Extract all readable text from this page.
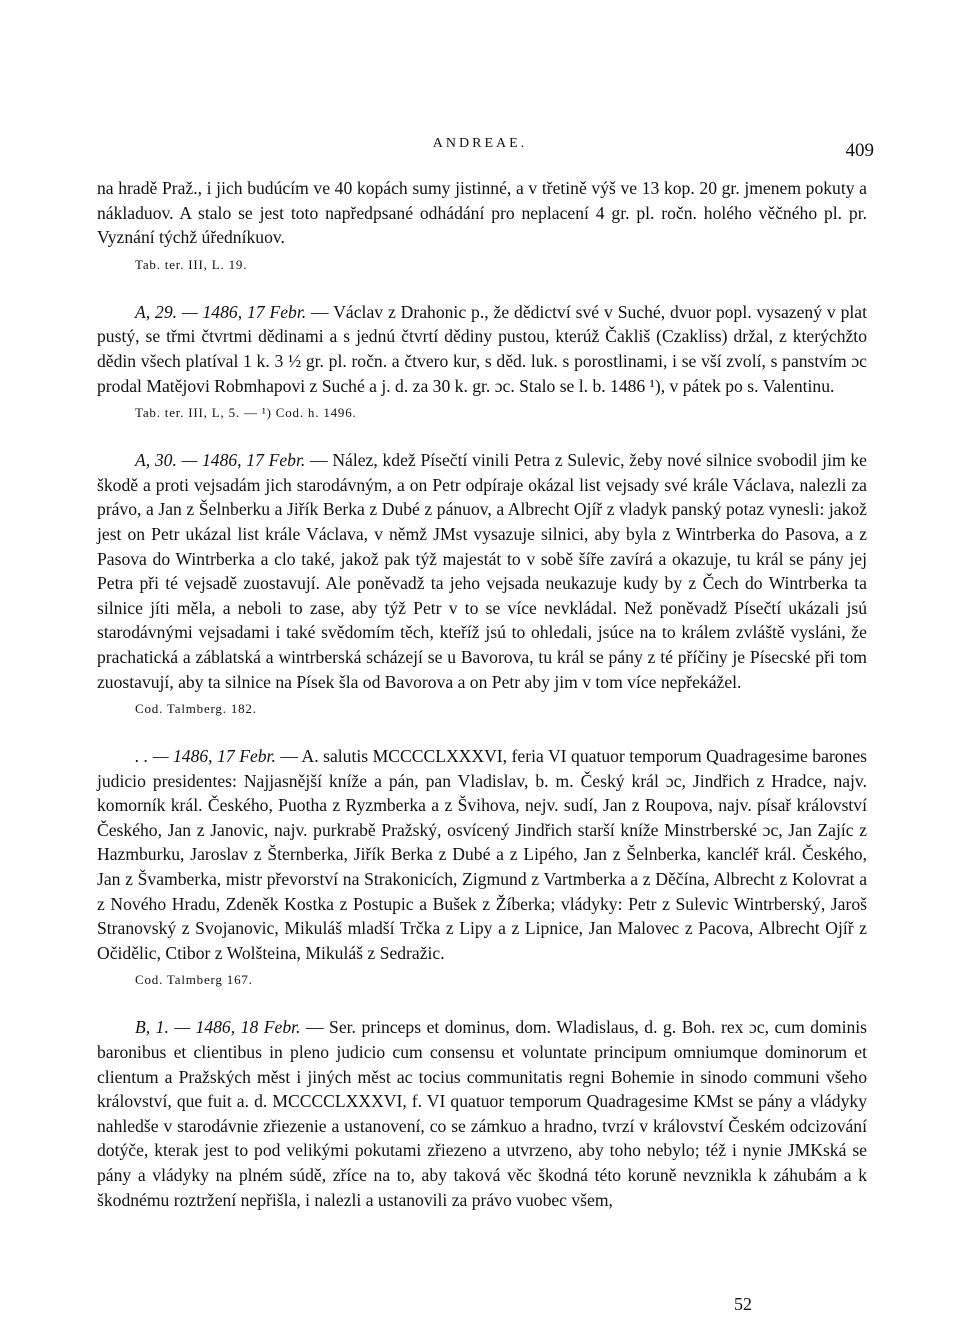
ANDREAE.	409

na hradě Praž., i jich budúcím ve 40 kopách sumy jistinné, a v třetině výš ve 13 kop. 20 gr. jmenem pokuty a nákladuov. A stalo se jest toto napředpsané odhádání pro neplacení 4 gr. pl. ročn. holého věčného pl. pr. Vyznání týchž úředníkuov.

Tab. ter. III, L. 19.

A, 29. — 1486, 17 Febr. — Václav z Drahonic p., že dědictví své v Suché, dvuor popl. vysazený v plat pustý, se třmi čtvrtmi dědinami a s jednú čtvrtí dědiny pustou, kterúž Čakliš (Czakliss) držal, z kterýchžto dědin všech platíval 1 k. 3 ½ gr. pl. ročn. a čtvero kur, s děd. luk. s porostlinami, i se vší zvolí, s panstvím ɔc prodal Matějovi Robmhapovi z Suché a j. d. za 30 k. gr. ɔc. Stalo se l. b. 1486 ¹), v pátek po s. Valentinu.

Tab. ter. III, L, 5. — ¹) Cod. h. 1496.

A, 30. — 1486, 17 Febr. — Nález, kdež Písečtí vinili Petra z Sulevic, žeby nové silnice svobodil jim ke škodě a proti vejsadám jich starodávným, a on Petr odpíraje okázal list vejsady své krále Václava, nalezli za právo, a Jan z Šelnberku a Jiřík Berka z Dubé z pánuov, a Albrecht Ojíř z vladyk panský potaz vynesli: jakož jest on Petr ukázal list krále Václava, v němž JMst vysazuje silnici, aby byla z Wintrberka do Pasova, a z Pasova do Wintrberka a clo také, jakož pak týž majestát to v sobě šíře zavírá a okazuje, tu král se pány jej Petra při té vejsadě zuostavují. Ale poněvadž ta jeho vejsada neukazuje kudy by z Čech do Wintrberka ta silnice jíti měla, a neboli to zase, aby týž Petr v to se více nevkládal. Než poněvadž Písečtí ukázali jsú starodávnými vejsadami i také svědomím těch, kteříž jsú to ohledali, jsúce na to králem zvláště vysláni, že prachatická a záblatská a wintrberská scházejí se u Bavorova, tu král se pány z té příčiny je Písecské při tom zuostavují, aby ta silnice na Písek šla od Bavorova a on Petr aby jim v tom více nepřekážel.

Cod. Talmberg. 182.

. . — 1486, 17 Febr. — A. salutis MCCCCLXXXVI, feria VI quatuor temporum Quadragesime barones judicio presidentes: Najjasnější kníže a pán, pan Vladislav, b. m. Český král ɔc, Jindřich z Hradce, najv. komorník král. Českého, Puotha z Ryzmberka a z Švihova, nejv. sudí, Jan z Roupova, najv. písař království Českého, Jan z Janovic, najv. purkrabě Pražský, osvícený Jindřich starší kníže Minstrberské ɔc, Jan Zajíc z Hazmburku, Jaroslav z Šternberka, Jiřík Berka z Dubé a z Lipého, Jan z Šelnberka, kancléř král. Českého, Jan z Švamberka, mistr převorství na Strakonicích, Zigmund z Vartmberka a z Děčína, Albrecht z Kolovrat a z Nového Hradu, Zdeněk Kostka z Postupic a Bušek z Žíberka; vládyky: Petr z Sulevic Wintrberský, Jaroš Stranovský z Svojanovic, Mikuláš mladší Trčka z Lipy a z Lipnice, Jan Malovec z Pacova, Albrecht Ojíř z Očidělic, Ctibor z Wolšteina, Mikuláš z Sedražic.

Cod. Talmberg 167.

B, 1. — 1486, 18 Febr. — Ser. princeps et dominus, dom. Wladislaus, d. g. Boh. rex ɔc, cum dominis baronibus et clientibus in pleno judicio cum consensu et voluntate principum omniumque dominorum et clientum a Pražských měst i jiných měst ac tocius communitatis regni Bohemie in sinodo communi všeho království, que fuit a. d. MCCCCLXXXVI, f. VI quatuor temporum Quadragesime KMst se pány a vládyky nahledše v starodávnie zřiezenie a ustanovení, co se zámkuo a hradno, tvrzí v království Českém odcizování dotýče, kterak jest to pod velikými pokutami zřiezeno a utvrzeno, aby toho nebylo; též i nynie JMKská se pány a vládyky na plném súdě, zříce na to, aby taková věc škodná této koruně nevznikla k záhubám a k škodnému roztržení nepřišla, i nalezli a ustanovili za právo vuobec všem,

52
